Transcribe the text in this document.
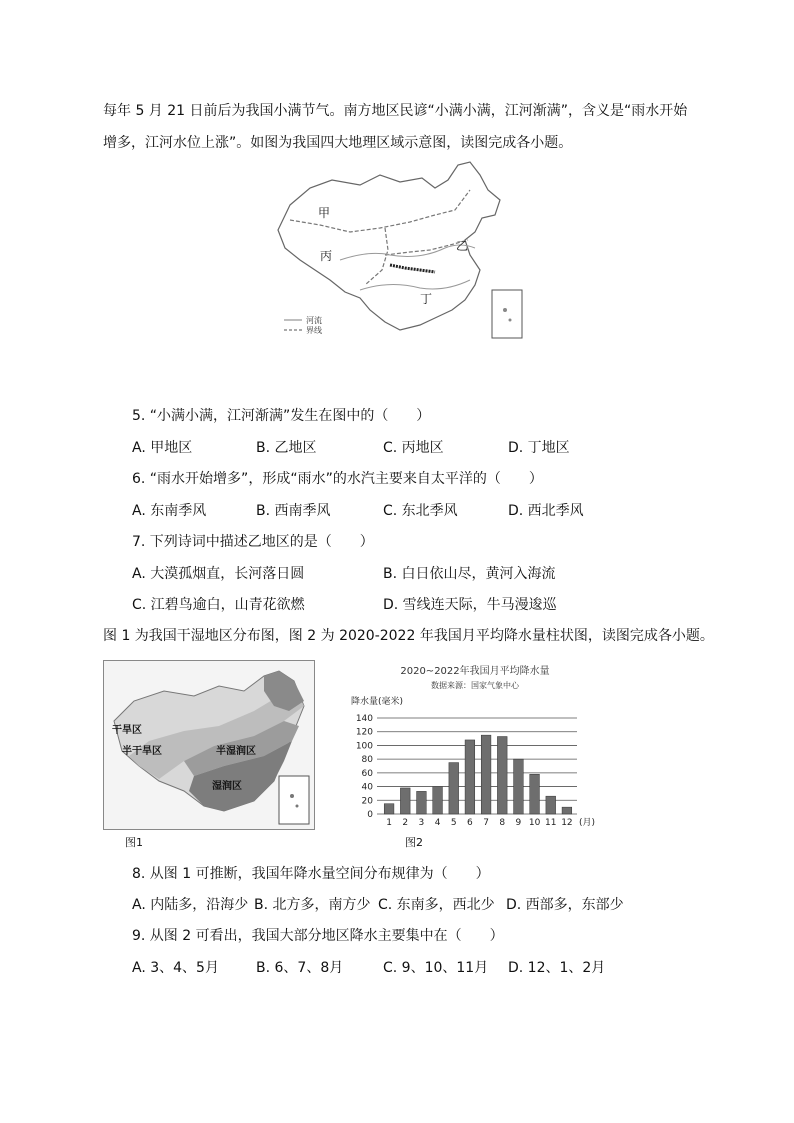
每年 5 月 21 日前后为我国小满节气。南方地区民谚“小满小满，江河渐满”，含义是“雨水开始
增多，江河水位上涨”。如图为我国四大地理区域示意图，读图完成各小题。
甲
乙
丙
丁
河流
界线
5. “小满小满，江河渐满”发生在图中的（　　）
A. 甲地区	B. 乙地区	C. 丙地区	D. 丁地区
6. “雨水开始增多”，形成“雨水”的水汽主要来自太平洋的（　　）
A. 东南季风	B. 西南季风	C. 东北季风	D. 西北季风
7. 下列诗词中描述乙地区的是（　　）
A. 大漠孤烟直，长河落日圆	B. 白日依山尽，黄河入海流
C. 江碧鸟逾白，山青花欲燃	D. 雪线连天际，牛马漫逡巡
图 1 为我国干湿地区分布图，图 2 为 2020-2022 年我国月平均降水量柱状图，读图完成各小题。
干旱区
半干旱区	半湿润区
湿润区
图1
2020~2022年我国月平均降水量
数据来源：国家气象中心
降水量(毫米)
0
20
40
60
80
100
120
140
1 2 3 4 5 6 7 8 9 10 11 12 (月)
图2
8. 从图 1 可推断，我国年降水量空间分布规律为（　　）
A. 内陆多，沿海少 B. 北方多，南方少 C. 东南多，西北少 D. 西部多，东部少
9. 从图 2 可看出，我国大部分地区降水主要集中在（　　）
A. 3、4、5月	B. 6、7、8月	C. 9、10、11月 D. 12、1、2月
